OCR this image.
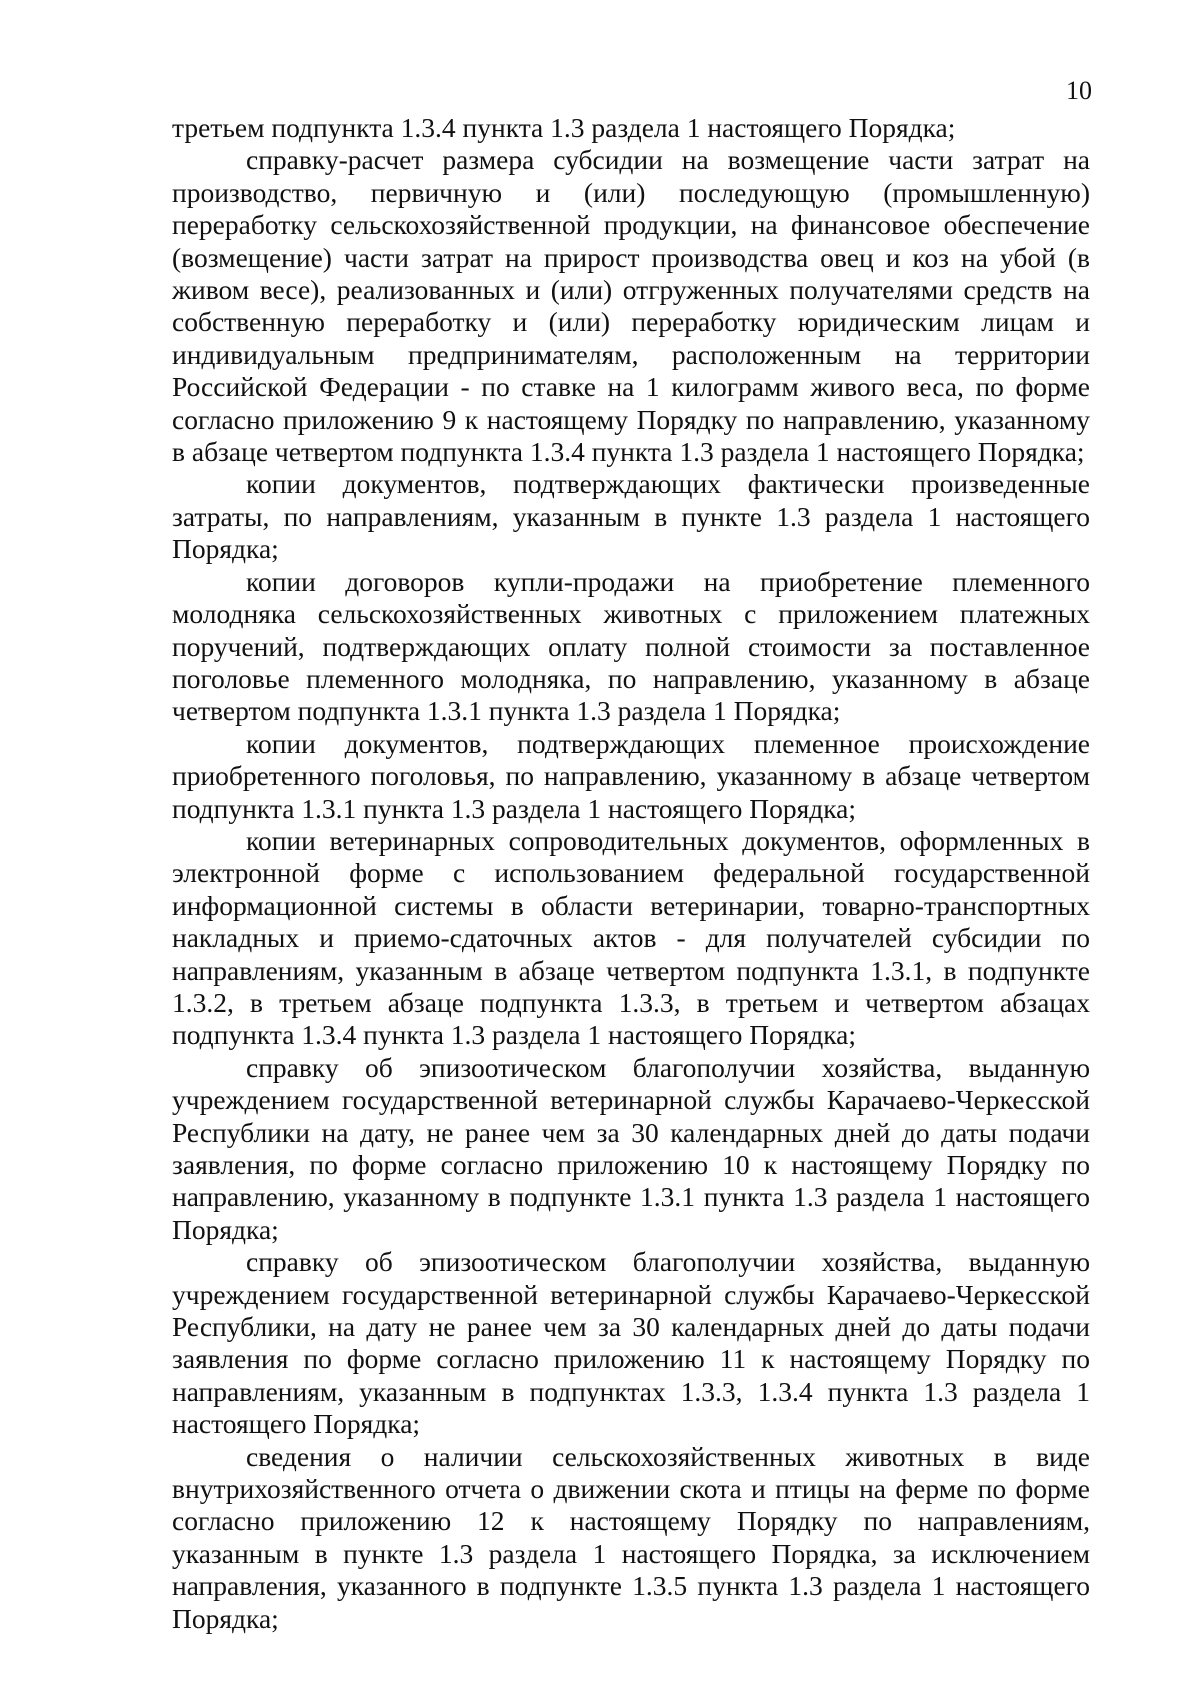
10

третьем подпункта 1.3.4 пункта 1.3 раздела 1 настоящего Порядка;

справку-расчет размера субсидии на возмещение части затрат на производство, первичную и (или) последующую (промышленную) переработку сельскохозяйственной продукции, на финансовое обеспечение (возмещение) части затрат на прирост производства овец и коз на убой (в живом весе), реализованных и (или) отгруженных получателями средств на собственную переработку и (или) переработку юридическим лицам и индивидуальным предпринимателям, расположенным на территории Российской Федерации - по ставке на 1 килограмм живого веса, по форме согласно приложению 9 к настоящему Порядку по направлению, указанному в абзаце четвертом подпункта 1.3.4 пункта 1.3 раздела 1 настоящего Порядка;

копии документов, подтверждающих фактически произведенные затраты, по направлениям, указанным в пункте 1.3 раздела 1 настоящего Порядка;

копии договоров купли-продажи на приобретение племенного молодняка сельскохозяйственных животных с приложением платежных поручений, подтверждающих оплату полной стоимости за поставленное поголовье племенного молодняка, по направлению, указанному в абзаце четвертом подпункта 1.3.1 пункта 1.3 раздела 1 Порядка;

копии документов, подтверждающих племенное происхождение приобретенного поголовья, по направлению, указанному в абзаце четвертом подпункта 1.3.1 пункта 1.3 раздела 1 настоящего Порядка;

копии ветеринарных сопроводительных документов, оформленных в электронной форме с использованием федеральной государственной информационной системы в области ветеринарии, товарно-транспортных накладных и приемо-сдаточных актов - для получателей субсидии по направлениям, указанным в абзаце четвертом подпункта 1.3.1, в подпункте 1.3.2, в третьем абзаце подпункта 1.3.3, в третьем и четвертом абзацах подпункта 1.3.4 пункта 1.3 раздела 1 настоящего Порядка;

справку об эпизоотическом благополучии хозяйства, выданную учреждением государственной ветеринарной службы Карачаево-Черкесской Республики на дату, не ранее чем за 30 календарных дней до даты подачи заявления, по форме согласно приложению 10 к настоящему Порядку по направлению, указанному в подпункте 1.3.1 пункта 1.3 раздела 1 настоящего Порядка;

справку об эпизоотическом благополучии хозяйства, выданную учреждением государственной ветеринарной службы Карачаево-Черкесской Республики, на дату не ранее чем за 30 календарных дней до даты подачи заявления по форме согласно приложению 11 к настоящему Порядку по направлениям, указанным в подпунктах 1.3.3, 1.3.4 пункта 1.3 раздела 1 настоящего Порядка;

сведения о наличии сельскохозяйственных животных в виде внутрихозяйственного отчета о движении скота и птицы на ферме по форме согласно приложению 12 к настоящему Порядку по направлениям, указанным в пункте 1.3 раздела 1 настоящего Порядка, за исключением направления, указанного в подпункте 1.3.5 пункта 1.3 раздела 1 настоящего Порядка;
